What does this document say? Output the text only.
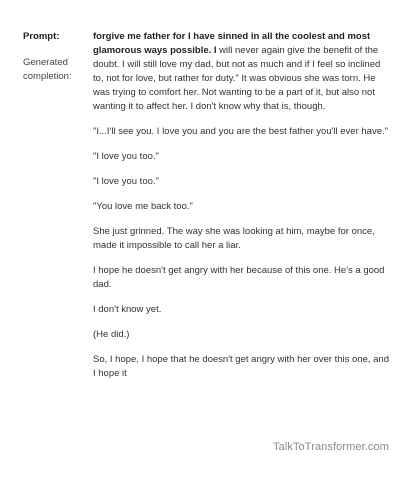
Prompt:
Generated completion:

forgive me father for I have sinned in all the coolest and most glamorous ways possible. I will never again give the benefit of the doubt. I will still love my dad, but not as much and if I feel so inclined to, not for love, but rather for duty." It was obvious she was torn. He was trying to comfort her. Not wanting to be a part of it, but also not wanting it to affect her. I don't know why that is, though.

"I...I'll see you. I love you and you are the best father you'll ever have."

"I love you too."

"I love you too."

"You love me back too."

She just grinned. The way she was looking at him, maybe for once, made it impossible to call her a liar.

I hope he doesn't get angry with her because of this one. He's a good dad.

I don't know yet.

(He did.)

So, I hope, I hope that he doesn't get angry with her over this one, and I hope it

TalkToTransformer.com
